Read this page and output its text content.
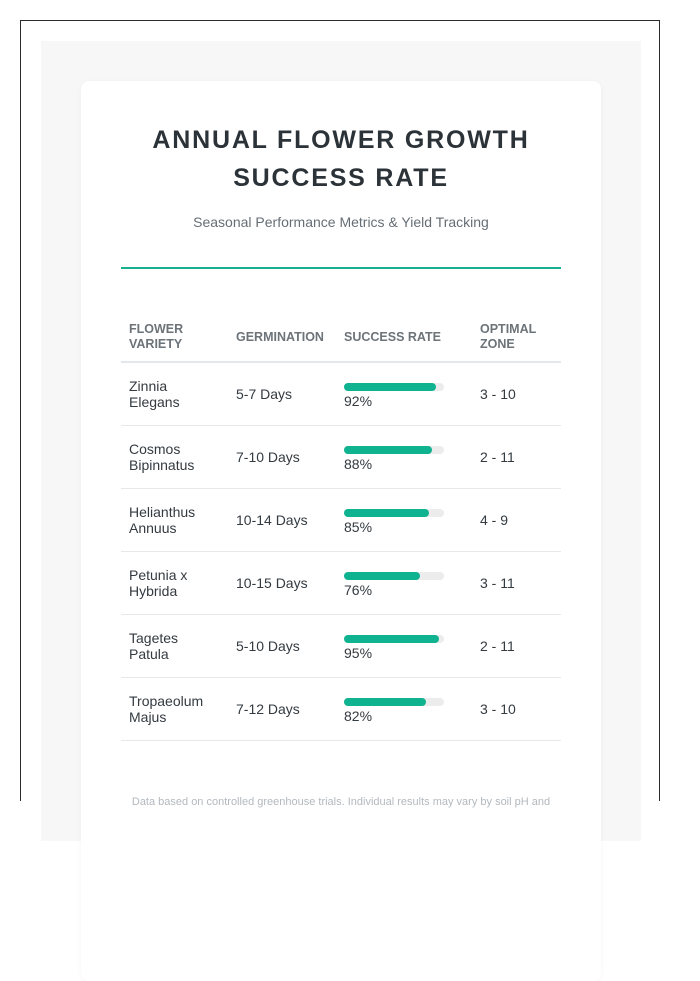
ANNUAL FLOWER GROWTH
SUCCESS RATE
Seasonal Performance Metrics & Yield Tracking
FLOWER VARIETY	GERMINATION	SUCCESS RATE	OPTIMAL ZONE
Zinnia Elegans	5-7 Days	92%	3 - 10
Cosmos Bipinnatus	7-10 Days	88%	2 - 11
Helianthus Annuus	10-14 Days	85%	4 - 9
Petunia x Hybrida	10-15 Days	76%	3 - 11
Tagetes Patula	5-10 Days	95%	2 - 11
Tropaeolum Majus	7-12 Days	82%	3 - 10
Data based on controlled greenhouse trials. Individual results may vary by soil pH and
